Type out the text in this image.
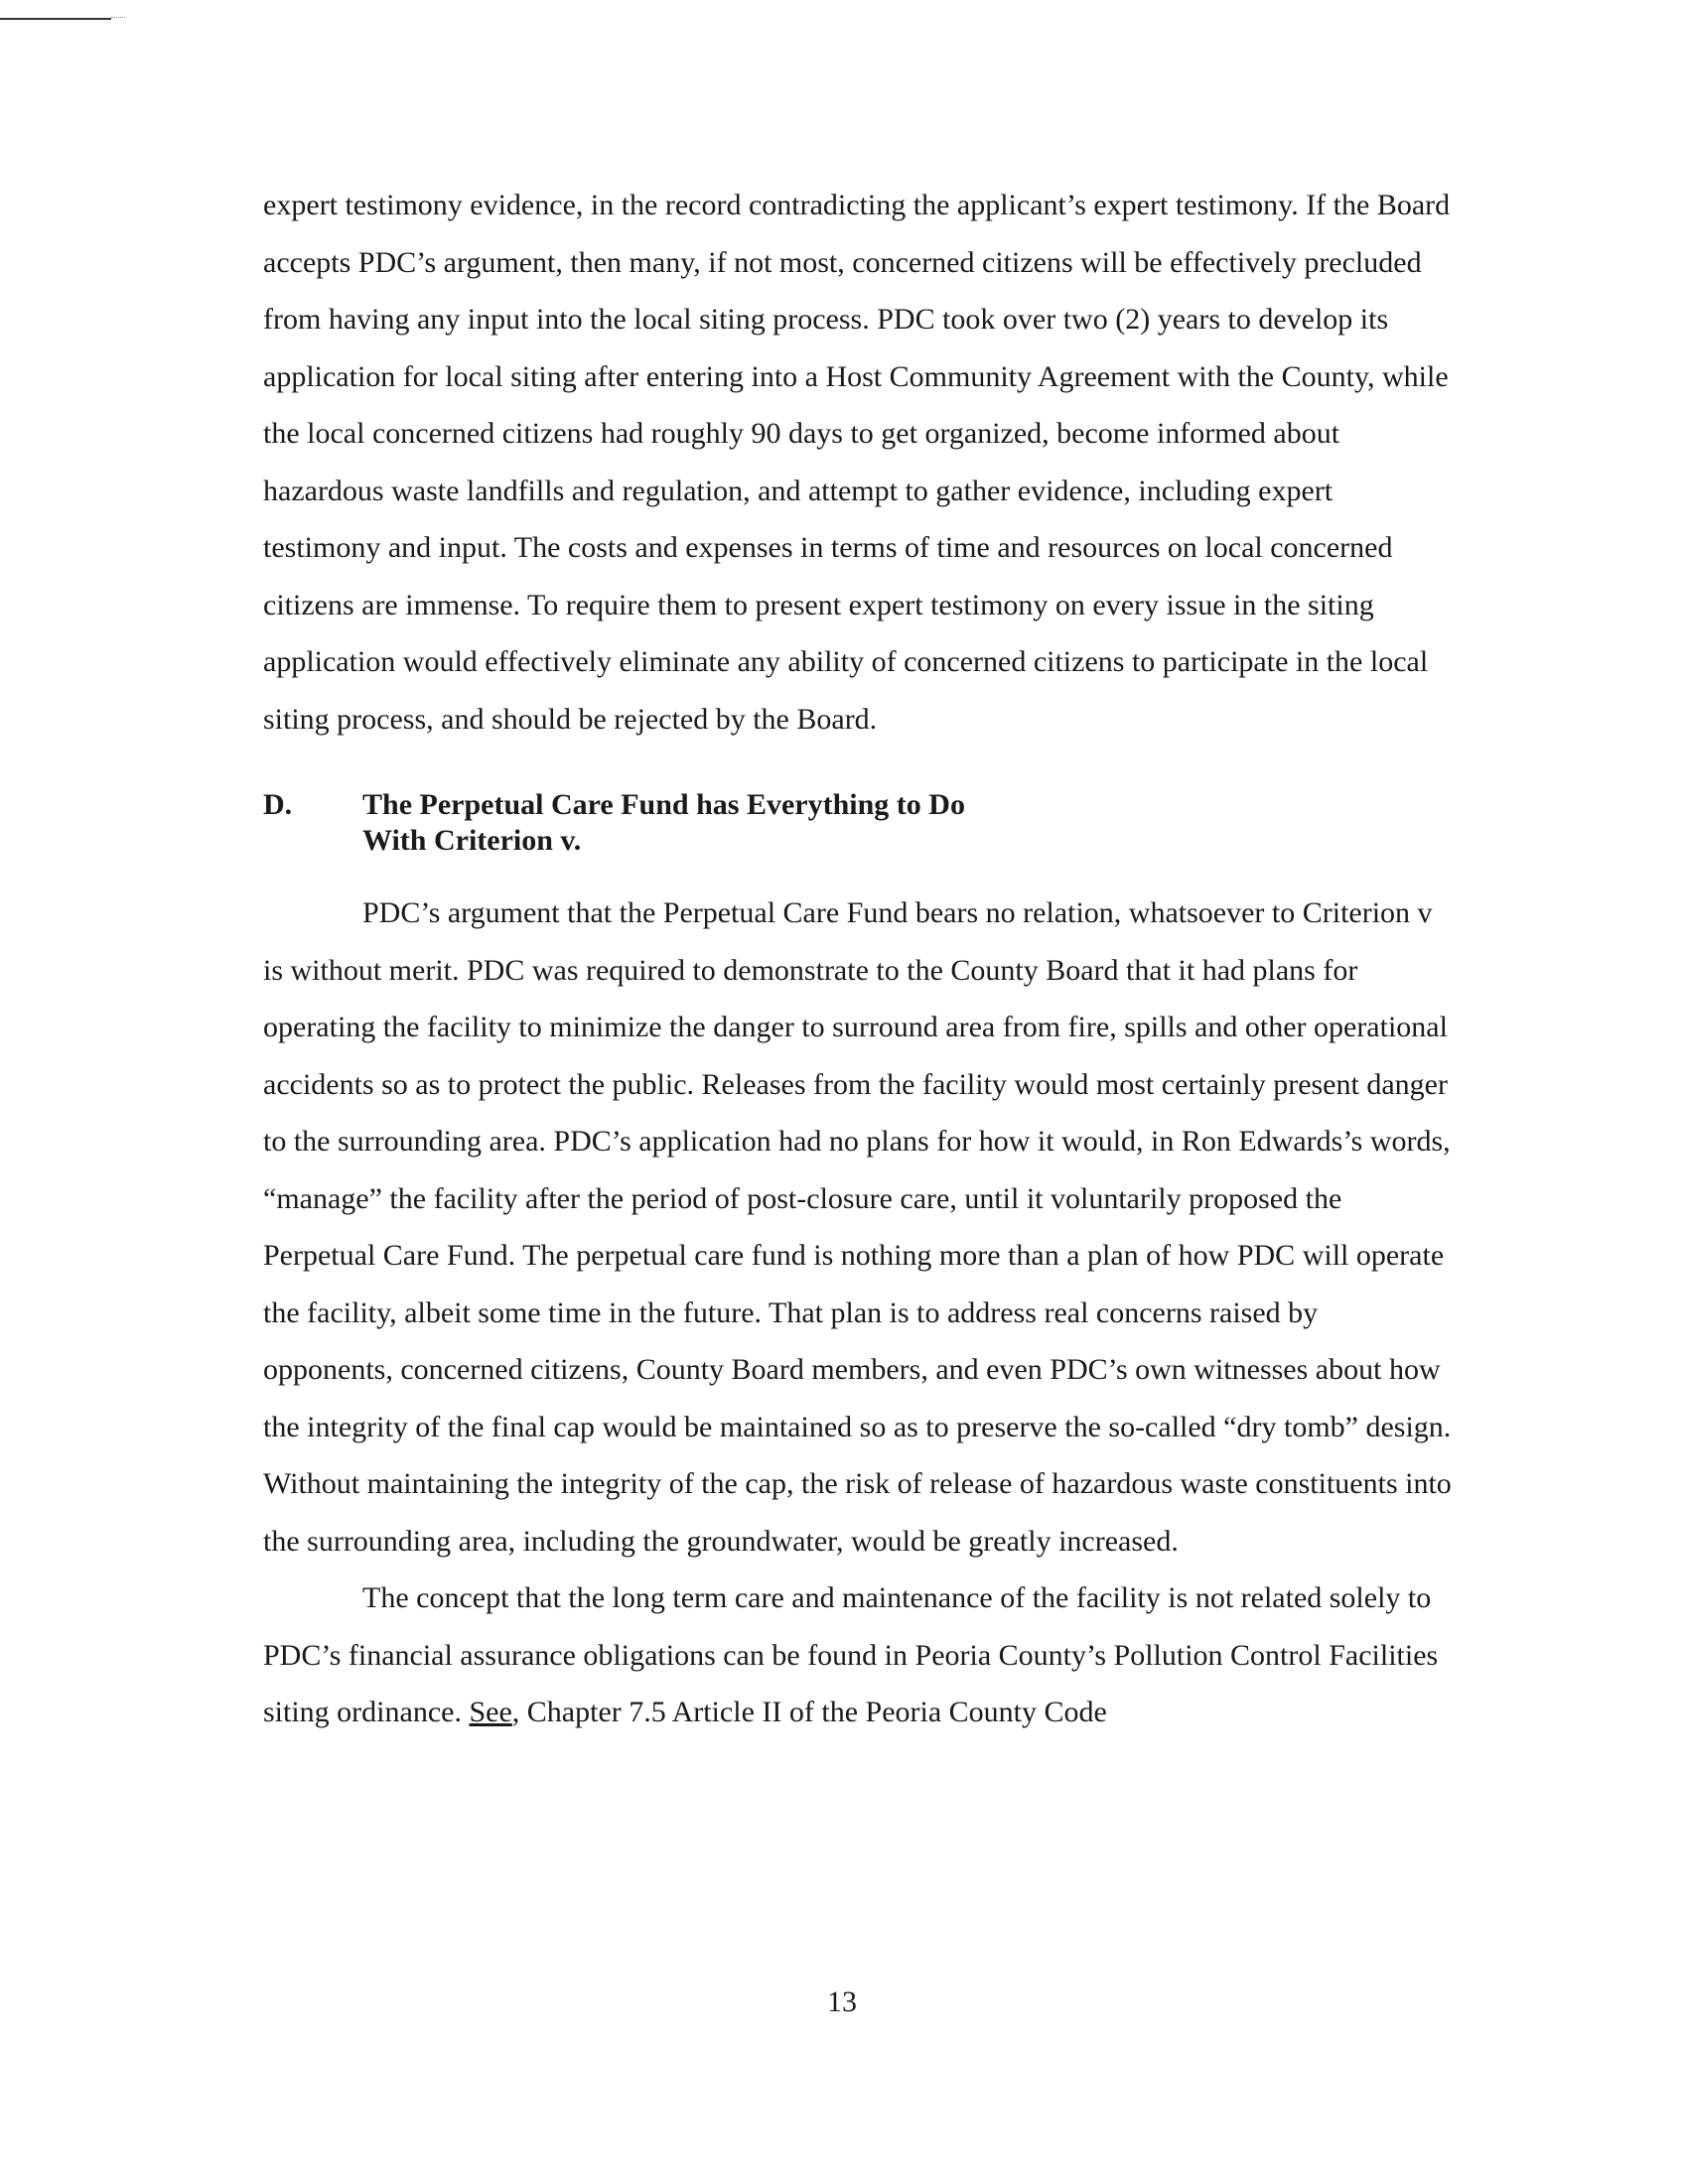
expert testimony evidence, in the record contradicting the applicant’s expert testimony. If the Board accepts PDC’s argument, then many, if not most, concerned citizens will be effectively precluded from having any input into the local siting process. PDC took over two (2) years to develop its application for local siting after entering into a Host Community Agreement with the County, while the local concerned citizens had roughly 90 days to get organized, become informed about hazardous waste landfills and regulation, and attempt to gather evidence, including expert testimony and input. The costs and expenses in terms of time and resources on local concerned citizens are immense. To require them to present expert testimony on every issue in the siting application would effectively eliminate any ability of concerned citizens to participate in the local siting process, and should be rejected by the Board.

D.	The Perpetual Care Fund has Everything to Do
With Criterion v.

PDC’s argument that the Perpetual Care Fund bears no relation, whatsoever to Criterion v is without merit. PDC was required to demonstrate to the County Board that it had plans for operating the facility to minimize the danger to surround area from fire, spills and other operational accidents so as to protect the public. Releases from the facility would most certainly present danger to the surrounding area. PDC’s application had no plans for how it would, in Ron Edwards’s words, “manage” the facility after the period of post-closure care, until it voluntarily proposed the Perpetual Care Fund. The perpetual care fund is nothing more than a plan of how PDC will operate the facility, albeit some time in the future. That plan is to address real concerns raised by opponents, concerned citizens, County Board members, and even PDC’s own witnesses about how the integrity of the final cap would be maintained so as to preserve the so-called “dry tomb” design. Without maintaining the integrity of the cap, the risk of release of hazardous waste constituents into the surrounding area, including the groundwater, would be greatly increased.

The concept that the long term care and maintenance of the facility is not related solely to PDC’s financial assurance obligations can be found in Peoria County’s Pollution Control Facilities siting ordinance. See, Chapter 7.5 Article II of the Peoria County Code

13
